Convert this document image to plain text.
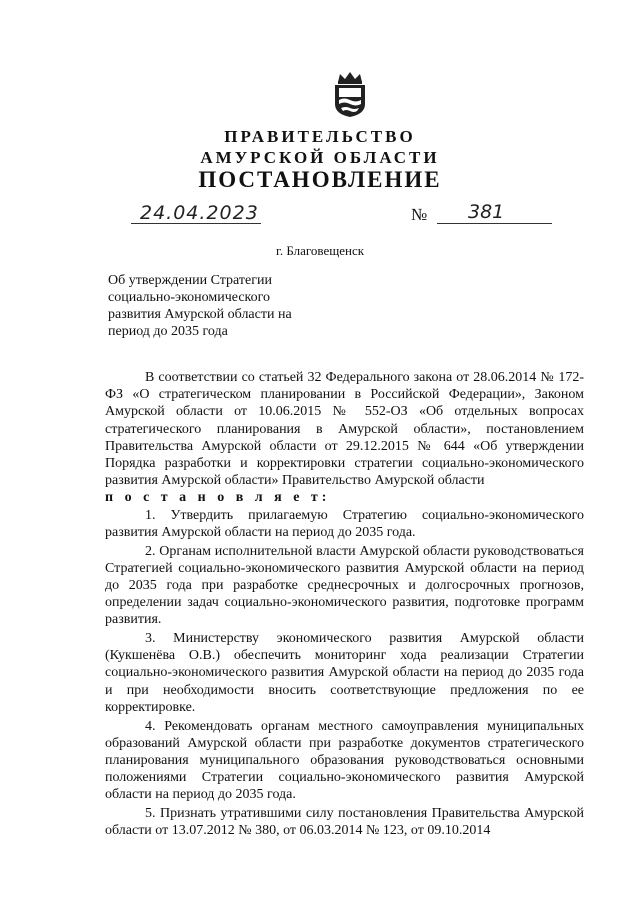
ПРАВИТЕЛЬСТВО
АМУРСКОЙ ОБЛАСТИ
ПОСТАНОВЛЕНИЕ
24.04.2023	№ 381
г. Благовещенск
Об утверждении Стратегии социально-экономического развития Амурской области на период до 2035 года

В соответствии со статьей 32 Федерального закона от 28.06.2014 № 172-ФЗ «О стратегическом планировании в Российской Федерации», Законом Амурской области от 10.06.2015 № 552-ОЗ «Об отдельных вопросах стратегического планирования в Амурской области», постановлением Правительства Амурской области от 29.12.2015 № 644 «Об утверждении Порядка разработки и корректировки стратегии социально-экономического развития Амурской области» Правительство Амурской области

п о с т а н о в л я е т:

1. Утвердить прилагаемую Стратегию социально-экономического развития Амурской области на период до 2035 года.

2. Органам исполнительной власти Амурской области руководствоваться Стратегией социально-экономического развития Амурской области на период до 2035 года при разработке среднесрочных и долгосрочных прогнозов, определении задач социально-экономического развития, подготовке программ развития.

3. Министерству экономического развития Амурской области (Кукшенёва О.В.) обеспечить мониторинг хода реализации Стратегии социально-экономического развития Амурской области на период до 2035 года и при необходимости вносить соответствующие предложения по ее корректировке.

4. Рекомендовать органам местного самоуправления муниципальных образований Амурской области при разработке документов стратегического планирования муниципального образования руководствоваться основными положениями Стратегии социально-экономического развития Амурской области на период до 2035 года.

5. Признать утратившими силу постановления Правительства Амурской области от 13.07.2012 № 380, от 06.03.2014 № 123, от 09.10.2014
